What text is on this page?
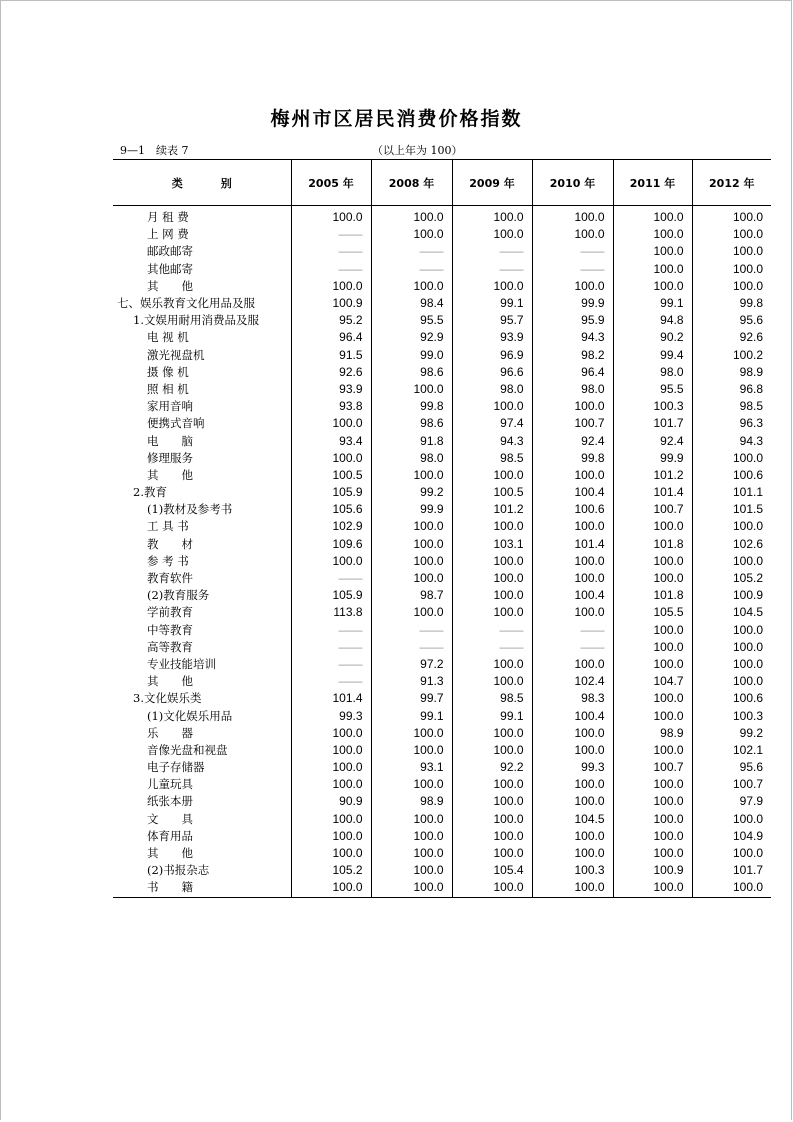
梅州市区居民消费价格指数
9—1　续表 7	（以上年为 100）
类 别	2005 年	2008 年	2009 年	2010 年	2011 年	2012 年

月 租 费	100.0	100.0	100.0	100.0	100.0	100.0
上 网 费	——	100.0	100.0	100.0	100.0	100.0
邮政邮寄	——	——	——	——	100.0	100.0
其他邮寄	——	——	——	——	100.0	100.0
其　　他	100.0	100.0	100.0	100.0	100.0	100.0
七、娱乐教育文化用品及服	100.9	98.4	99.1	99.9	99.1	99.8
1.文娱用耐用消费品及服	95.2	95.5	95.7	95.9	94.8	95.6
电 视 机	96.4	92.9	93.9	94.3	90.2	92.6
激光视盘机	91.5	99.0	96.9	98.2	99.4	100.2
摄 像 机	92.6	98.6	96.6	96.4	98.0	98.9
照 相 机	93.9	100.0	98.0	98.0	95.5	96.8
家用音响	93.8	99.8	100.0	100.0	100.3	98.5
便携式音响	100.0	98.6	97.4	100.7	101.7	96.3
电　　脑	93.4	91.8	94.3	92.4	92.4	94.3
修理服务	100.0	98.0	98.5	99.8	99.9	100.0
其　　他	100.5	100.0	100.0	100.0	101.2	100.6
2.教育	105.9	99.2	100.5	100.4	101.4	101.1
(1)教材及参考书	105.6	99.9	101.2	100.6	100.7	101.5
工 具 书	102.9	100.0	100.0	100.0	100.0	100.0
教　　材	109.6	100.0	103.1	101.4	101.8	102.6
参 考 书	100.0	100.0	100.0	100.0	100.0	100.0
教育软件	——	100.0	100.0	100.0	100.0	105.2
(2)教育服务	105.9	98.7	100.0	100.4	101.8	100.9
学前教育	113.8	100.0	100.0	100.0	105.5	104.5
中等教育	——	——	——	——	100.0	100.0
高等教育	——	——	——	——	100.0	100.0
专业技能培训	——	97.2	100.0	100.0	100.0	100.0
其　　他	——	91.3	100.0	102.4	104.7	100.0
3.文化娱乐类	101.4	99.7	98.5	98.3	100.0	100.6
(1)文化娱乐用品	99.3	99.1	99.1	100.4	100.0	100.3
乐　　器	100.0	100.0	100.0	100.0	98.9	99.2
音像光盘和视盘	100.0	100.0	100.0	100.0	100.0	102.1
电子存储器	100.0	93.1	92.2	99.3	100.7	95.6
儿童玩具	100.0	100.0	100.0	100.0	100.0	100.7
纸张本册	90.9	98.9	100.0	100.0	100.0	97.9
文　　具	100.0	100.0	100.0	104.5	100.0	100.0
体育用品	100.0	100.0	100.0	100.0	100.0	104.9
其　　他	100.0	100.0	100.0	100.0	100.0	100.0
(2)书报杂志	105.2	100.0	105.4	100.3	100.9	101.7
书　　籍	100.0	100.0	100.0	100.0	100.0	100.0
